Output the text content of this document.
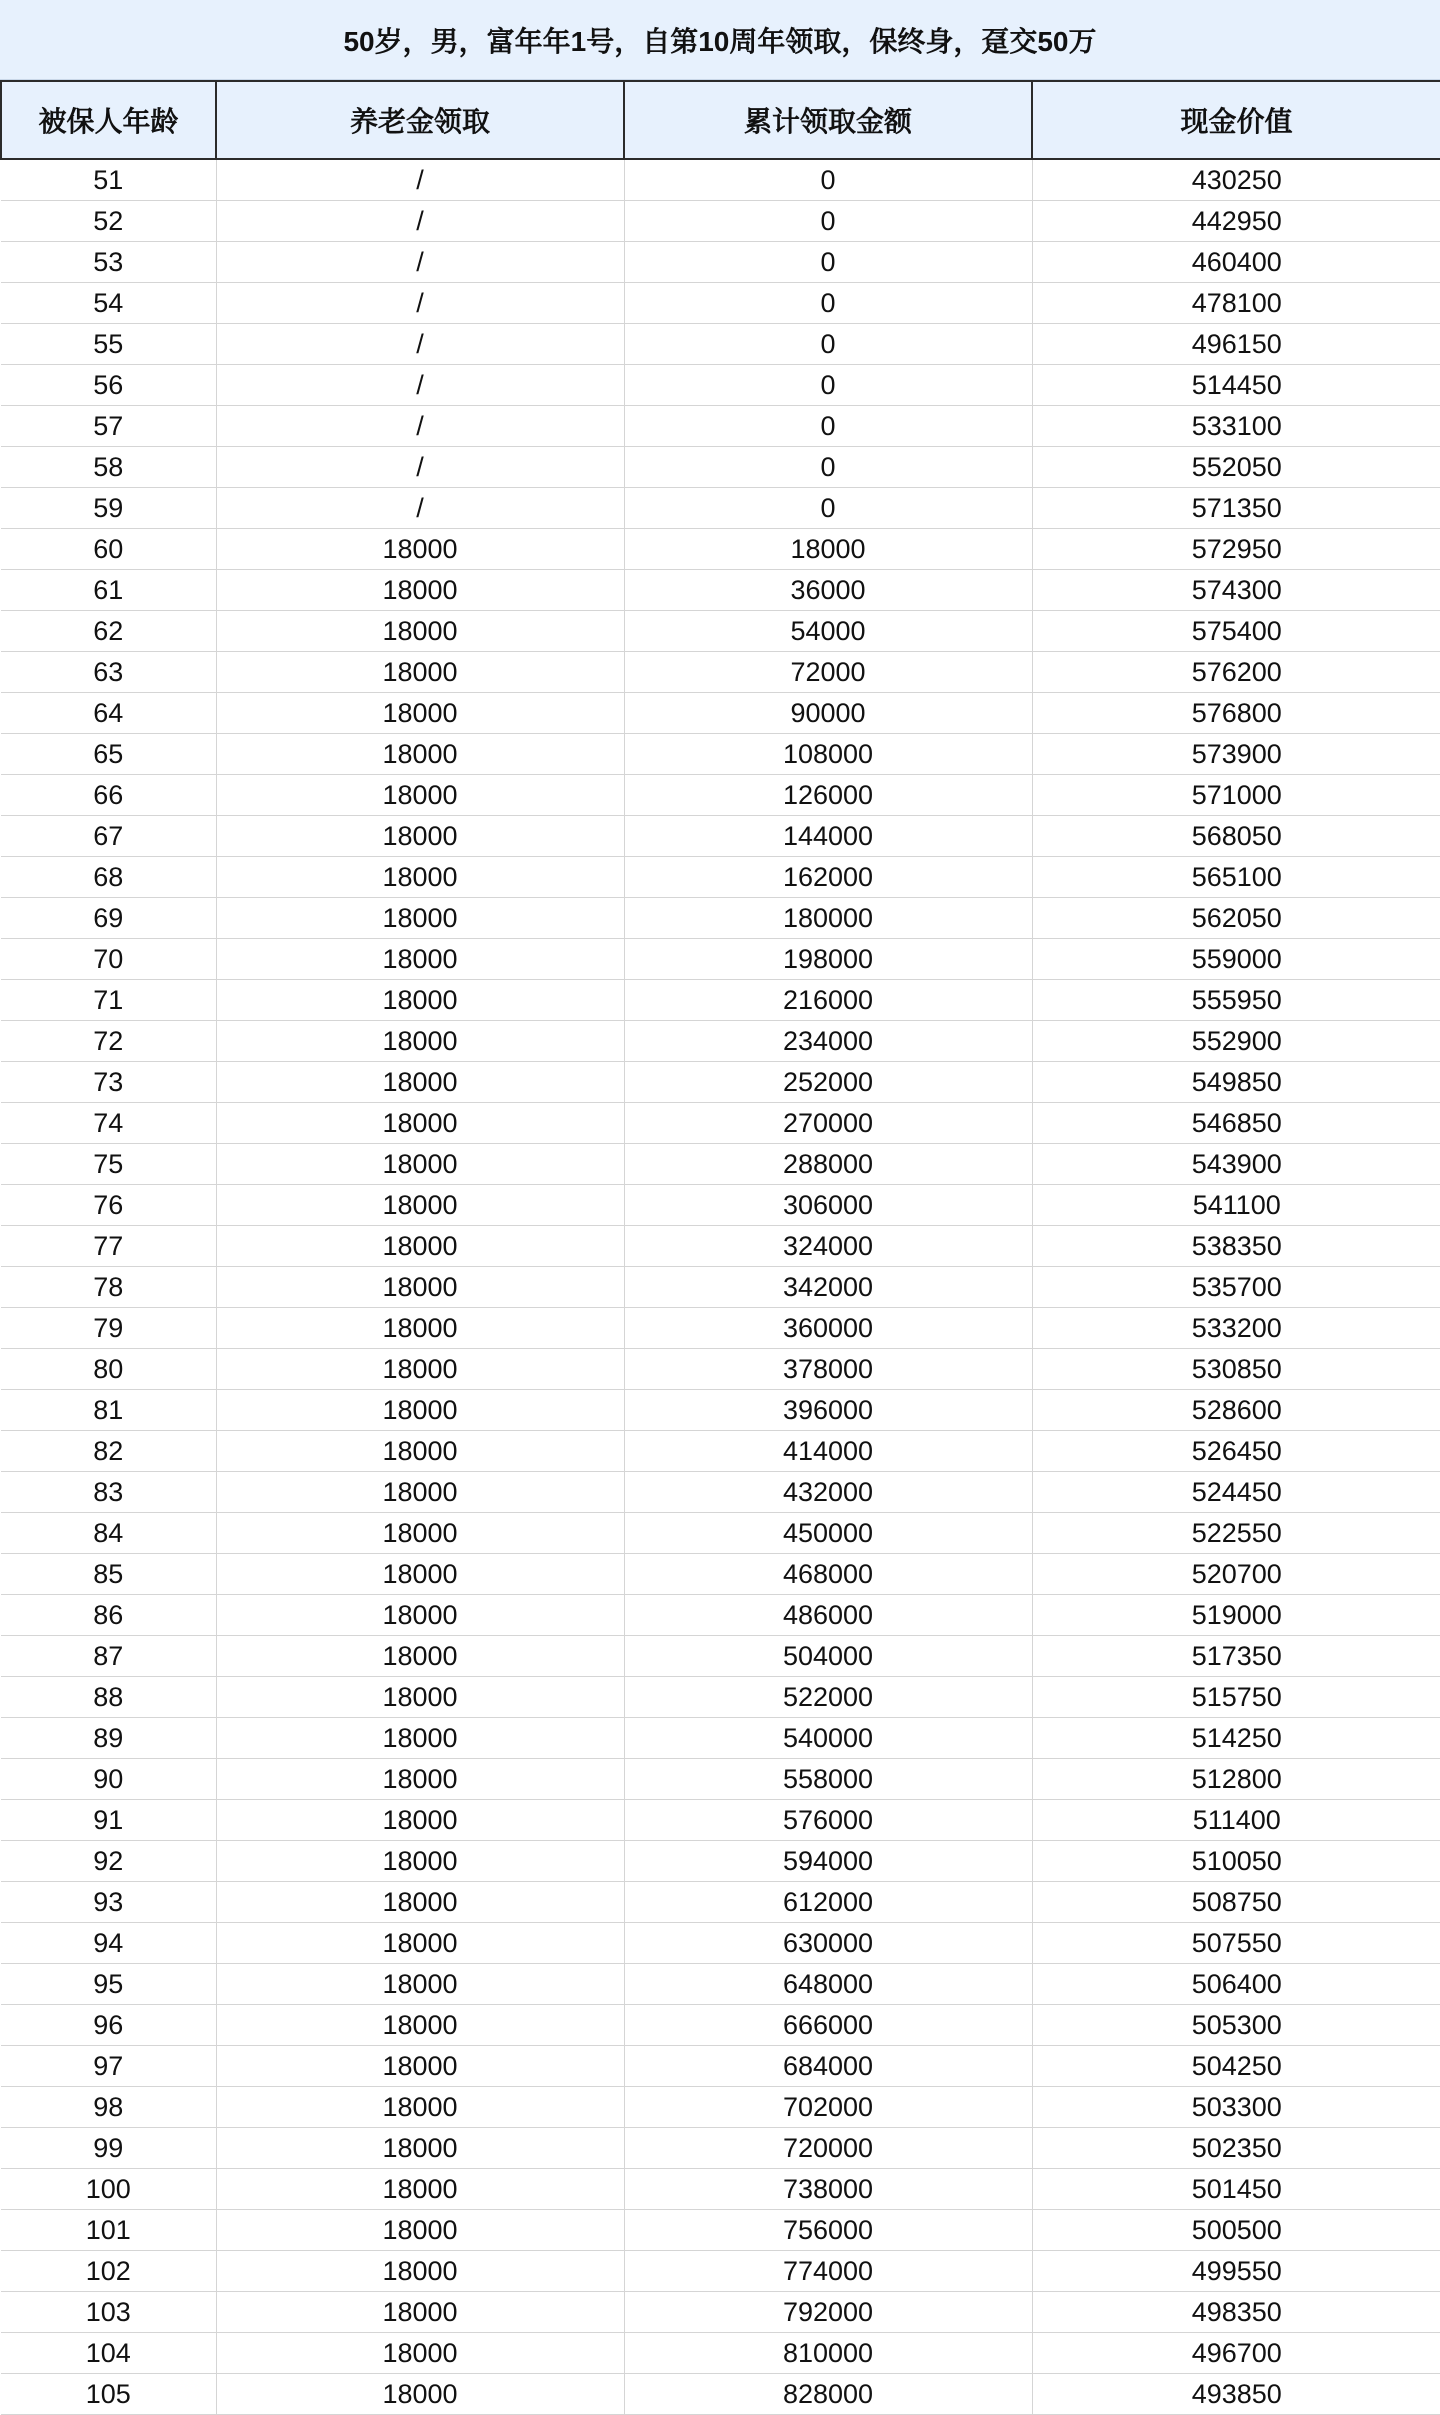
50岁，男，富年年1号，自第10周年领取，保终身，趸交50万
被保人年龄	养老金领取	累计领取金额	现金价值
51	/	0	430250
52	/	0	442950
53	/	0	460400
54	/	0	478100
55	/	0	496150
56	/	0	514450
57	/	0	533100
58	/	0	552050
59	/	0	571350
60	18000	18000	572950
61	18000	36000	574300
62	18000	54000	575400
63	18000	72000	576200
64	18000	90000	576800
65	18000	108000	573900
66	18000	126000	571000
67	18000	144000	568050
68	18000	162000	565100
69	18000	180000	562050
70	18000	198000	559000
71	18000	216000	555950
72	18000	234000	552900
73	18000	252000	549850
74	18000	270000	546850
75	18000	288000	543900
76	18000	306000	541100
77	18000	324000	538350
78	18000	342000	535700
79	18000	360000	533200
80	18000	378000	530850
81	18000	396000	528600
82	18000	414000	526450
83	18000	432000	524450
84	18000	450000	522550
85	18000	468000	520700
86	18000	486000	519000
87	18000	504000	517350
88	18000	522000	515750
89	18000	540000	514250
90	18000	558000	512800
91	18000	576000	511400
92	18000	594000	510050
93	18000	612000	508750
94	18000	630000	507550
95	18000	648000	506400
96	18000	666000	505300
97	18000	684000	504250
98	18000	702000	503300
99	18000	720000	502350
100	18000	738000	501450
101	18000	756000	500500
102	18000	774000	499550
103	18000	792000	498350
104	18000	810000	496700
105	18000	828000	493850
